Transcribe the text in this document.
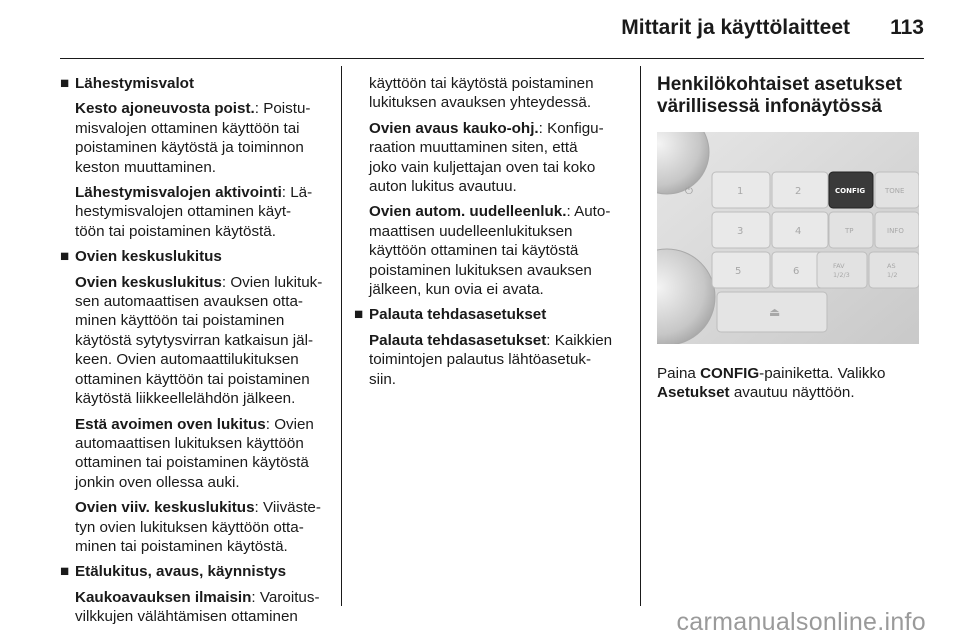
Mittarit ja käyttölaitteet	113
■ Lähestymisvalot

Kesto ajoneuvosta poist.: Poistu-
misvalojen ottaminen käyttöön tai
poistaminen käytöstä ja toiminnon
keston muuttaminen.

Lähestymisvalojen aktivointi: Lä-
hestymisvalojen ottaminen käyt-
töön tai poistaminen käytöstä.

■ Ovien keskuslukitus

Ovien keskuslukitus: Ovien lukituk-
sen automaattisen avauksen otta-
minen käyttöön tai poistaminen
käytöstä sytytysvirran katkaisun jäl-
keen. Ovien automaattilukituksen
ottaminen käyttöön tai poistaminen
käytöstä liikkeellelähdön jälkeen.

Estä avoimen oven lukitus: Ovien
automaattisen lukituksen käyttöön
ottaminen tai poistaminen käytöstä
jonkin oven ollessa auki.

Ovien viiv. keskuslukitus: Viiväste-
tyn ovien lukituksen käyttöön otta-
minen tai poistaminen käytöstä.

■ Etälukitus, avaus, käynnistys

Kaukoavauksen ilmaisin: Varoitus-
vilkkujen välähtämisen ottaminen

käyttöön tai käytöstä poistaminen
lukituksen avauksen yhteydessä.

Ovien avaus kauko-ohj.: Konfigu-
raation muuttaminen siten, että
joko vain kuljettajan oven tai koko
auton lukitus avautuu.

Ovien autom. uudelleenluk.: Auto-
maattisen uudelleenlukituksen
käyttöön ottaminen tai käytöstä
poistaminen lukituksen avauksen
jälkeen, kun ovia ei avata.

■ Palauta tehdasasetukset

Palauta tehdasasetukset: Kaikkien
toimintojen palautus lähtöasetuk-
siin.

Henkilökohtaiset asetukset
värillisessä infonäytössä
⏻	1	2
3	4
5	6
⏏
CONFIG	TONE
TP	INFO
FAV
1/2/3
AS
1/2

Paina CONFIG-painiketta. Valikko
Asetukset avautuu näyttöön.

carmanualsonline.info
